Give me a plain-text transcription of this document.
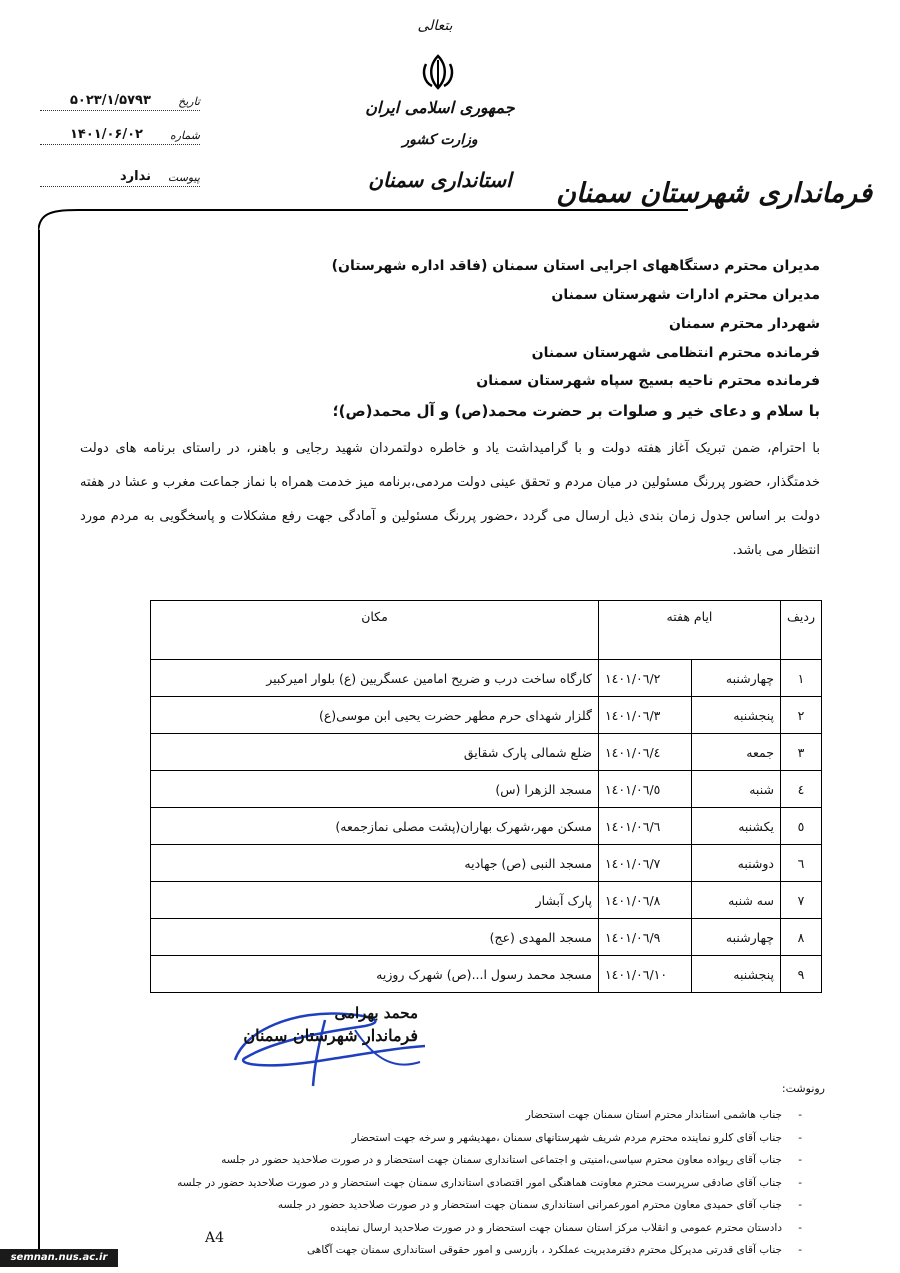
بتعالی
جمهوری اسلامی ایران
وزارت کشور
استانداری سمنان	فرمانداری شهرستان سمنان
۵۰۲۳/۱/۵۷۹۳ تاریخ
۱۴۰۱/۰۶/۰۲ شماره
ندارد پیوست
مدیران محترم دستگاههای اجرایی استان سمنان (فاقد اداره شهرستان)
مدیران محترم ادارات شهرستان سمنان
شهردار محترم سمنان
فرمانده محترم انتظامی شهرستان سمنان
فرمانده محترم ناحیه بسیج سپاه شهرستان سمنان
با سلام و دعای خیر و صلوات بر حضرت محمد(ص) و آل محمد(ص)؛
با احترام، ضمن تبریک آغاز هفته دولت و با گرامیداشت یاد و خاطره دولتمردان شهید رجایی و باهنر، در راستای برنامه های دولت خدمتگذار، حضور پررنگ مسئولین در میان مردم و تحقق عینی دولت مردمی،برنامه میز خدمت همراه با نماز جماعت مغرب و عشا در هفته دولت بر اساس جدول زمان بندی ذیل ارسال می گردد ،حضور پررنگ مسئولین و آمادگی جهت رفع مشکلات و پاسخگویی به مردم مورد انتظار می باشد.
ردیف	ایام هفته		مکان
١	چهارشنبه	١٤٠١/٠٦/٢	کارگاه ساخت درب و ضریح امامین عسگریین (ع) بلوار امیرکبیر
٢	پنجشنبه	١٤٠١/٠٦/٣	گلزار شهدای حرم مطهر حضرت یحیی ابن موسی(ع)
٣	جمعه	١٤٠١/٠٦/٤	ضلع شمالی پارک شقایق
٤	شنبه	١٤٠١/٠٦/٥	مسجد الزهرا (س)
٥	یکشنبه	١٤٠١/٠٦/٦	مسکن مهر،شهرک بهاران(پشت مصلی نمازجمعه)
٦	دوشنبه	١٤٠١/٠٦/٧	مسجد النبی (ص) جهادیه
٧	سه شنبه	١٤٠١/٠٦/٨	پارک آبشار
٨	چهارشنبه	١٤٠١/٠٦/٩	مسجد المهدی (عج)
٩	پنجشنبه	١٤٠١/٠٦/١٠	مسجد محمد رسول ا...(ص) شهرک روزیه
محمد بهرامی
فرماندار شهرستان سمنان
رونوشت:
- جناب هاشمی استاندار محترم استان سمنان جهت استحضار
- جناب آقای کلرو نماینده محترم مردم شریف شهرستانهای سمنان ،مهدیشهر و سرخه جهت استحضار
- جناب آقای ریواده معاون محترم سیاسی،امنیتی و اجتماعی استانداری سمنان جهت استحضار و در صورت صلاحدید حضور در جلسه
- جناب آقای صادقی سرپرست محترم معاونت هماهنگی امور اقتصادی استانداری سمنان جهت استحضار و در صورت صلاحدید حضور در جلسه
- جناب آقای حمیدی معاون محترم امورعمرانی استانداری سمنان جهت استحضار و در صورت صلاحدید حضور در جلسه
- دادستان محترم عمومی و انقلاب مرکز استان سمنان جهت استحضار و در صورت صلاحدید ارسال نماینده
- جناب آقای قدرتی مدیرکل محترم دفترمدیریت عملکرد ، بازرسی و امور حقوقی استانداری سمنان جهت آگاهی
A4
semnan.nus.ac.ir
